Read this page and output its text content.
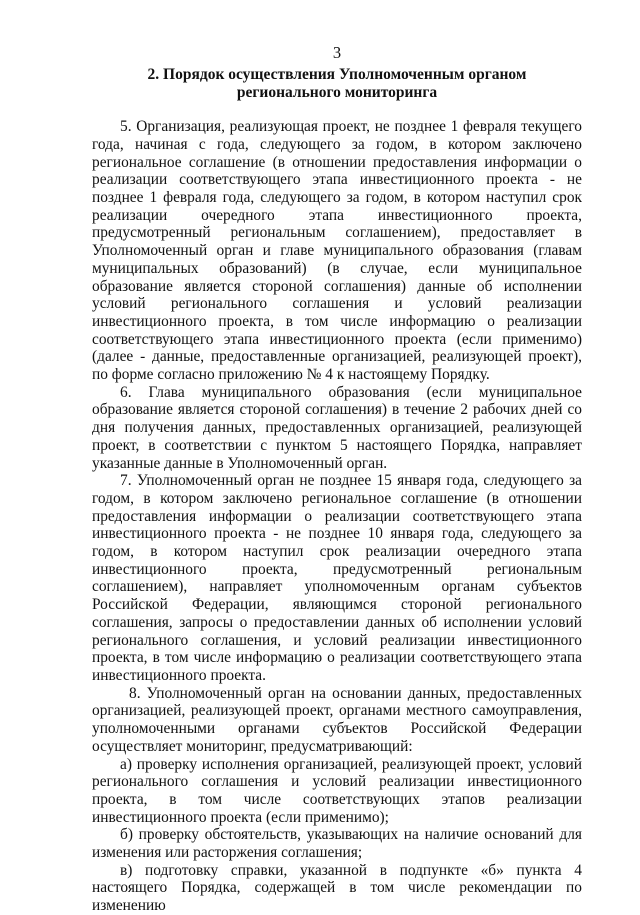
3
2. Порядок осуществления Уполномоченным органом
регионального мониторинга

5. Организация, реализующая проект, не позднее 1 февраля текущего года, начиная с года, следующего за годом, в котором заключено региональное соглашение (в отношении предоставления информации о реализации соответствующего этапа инвестиционного проекта - не позднее 1 февраля года, следующего за годом, в котором наступил срок реализации очередного этапа инвестиционного проекта, предусмотренный региональным соглашением), предоставляет в Уполномоченный орган и главе муниципального образования (главам муниципальных образований) (в случае, если муниципальное образование является стороной соглашения) данные об исполнении условий регионального соглашения и условий реализации инвестиционного проекта, в том числе информацию о реализации соответствующего этапа инвестиционного проекта (если применимо) (далее - данные, предоставленные организацией, реализующей проект), по форме согласно приложению № 4 к настоящему Порядку.

6. Глава муниципального образования (если муниципальное образование является стороной соглашения) в течение 2 рабочих дней со дня получения данных, предоставленных организацией, реализующей проект, в соответствии с пунктом 5 настоящего Порядка, направляет указанные данные в Уполномоченный орган.

7. Уполномоченный орган не позднее 15 января года, следующего за годом, в котором заключено региональное соглашение (в отношении предоставления информации о реализации соответствующего этапа инвестиционного проекта - не позднее 10 января года, следующего за годом, в котором наступил срок реализации очередного этапа инвестиционного проекта, предусмотренный региональным соглашением), направляет уполномоченным органам субъектов Российской Федерации, являющимся стороной регионального соглашения, запросы о предоставлении данных об исполнении условий регионального соглашения, и условий реализации инвестиционного проекта, в том числе информацию о реализации соответствующего этапа инвестиционного проекта.

8. Уполномоченный орган на основании данных, предоставленных организацией, реализующей проект, органами местного самоуправления, уполномоченными органами субъектов Российской Федерации осуществляет мониторинг, предусматривающий:

а) проверку исполнения организацией, реализующей проект, условий регионального соглашения и условий реализации инвестиционного проекта, в том числе соответствующих этапов реализации инвестиционного проекта (если применимо);

б) проверку обстоятельств, указывающих на наличие оснований для изменения или расторжения соглашения;

в) подготовку справки, указанной в подпункте «б» пункта 4 настоящего Порядка, содержащей в том числе рекомендации по изменению
